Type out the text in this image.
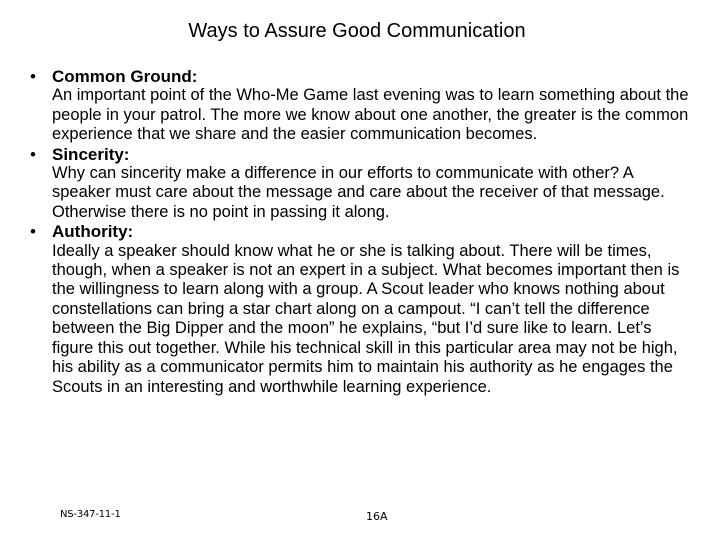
Ways to Assure Good Communication
• Common Ground:
An important point of the Who-Me Game last evening was to learn something about the people in your patrol. The more we know about one another, the greater is the common experience that we share and the easier communication becomes.
• Sincerity:
Why can sincerity make a difference in our efforts to communicate with other? A speaker must care about the message and care about the receiver of that message. Otherwise there is no point in passing it along.
• Authority:
Ideally a speaker should know what he or she is talking about. There will be times, though, when a speaker is not an expert in a subject. What becomes important then is the willingness to learn along with a group. A Scout leader who knows nothing about constellations can bring a star chart along on a campout. “I can’t tell the difference between the Big Dipper and the moon” he explains, “but I’d sure like to learn. Let’s figure this out together. While his technical skill in this particular area may not be high, his ability as a communicator permits him to maintain his authority as he engages the Scouts in an interesting and worthwhile learning experience.
NS-347-11-1	16A
